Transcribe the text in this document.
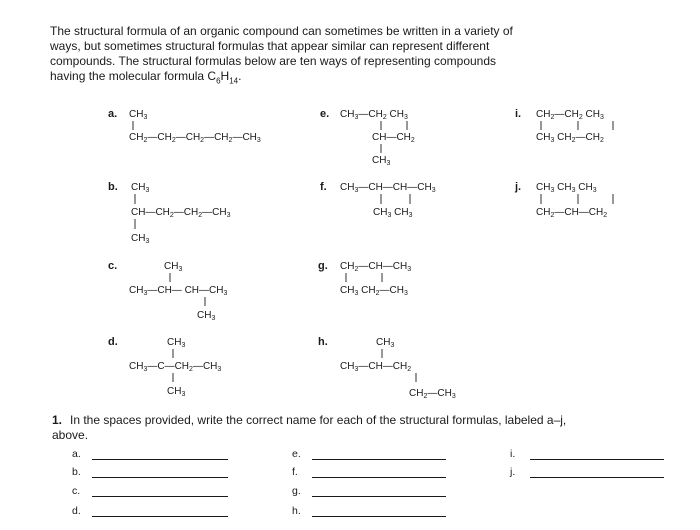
The structural formula of an organic compound can sometimes be written in a variety of ways, but sometimes structural formulas that appear similar can represent different compounds. The structural formulas below are ten ways of representing compounds having the molecular formula $C_6H_{14}$.
a. $CH_3$
$CH_2—CH_2—CH_2—CH_2—CH_3$
e. $CH_3—CH_2$ $CH_3$
$CH—CH_2$
$CH_3$
i. $CH_2—CH_2$ $CH_3$
$CH_3$ $CH_2—CH_2$
b. $CH_3$
$CH—CH_2—CH_2—CH_3$
$CH_3$
f. $CH_3—CH—CH—CH_3$
$CH_3$ $CH_3$
j. $CH_3$ $CH_3$ $CH_3$
$CH_2—CH—CH_2$
c.	$CH_3$
$CH_3—CH—$ $CH—CH_3$
$CH_3$
g. $CH_2—CH—CH_3$
$CH_3$ $CH_2—CH_3$
d.	$CH_3$
$CH_3—C—CH_2—CH_3$
$CH_3$
h.	$CH_3$
$CH_3—CH—CH_2$
$CH_2—CH_3$
1. In the spaces provided, write the correct name for each of the structural formulas, labeled a–j, above.
a.
b.
c.
d.
e.
f.
g.
h.
i.
j.
